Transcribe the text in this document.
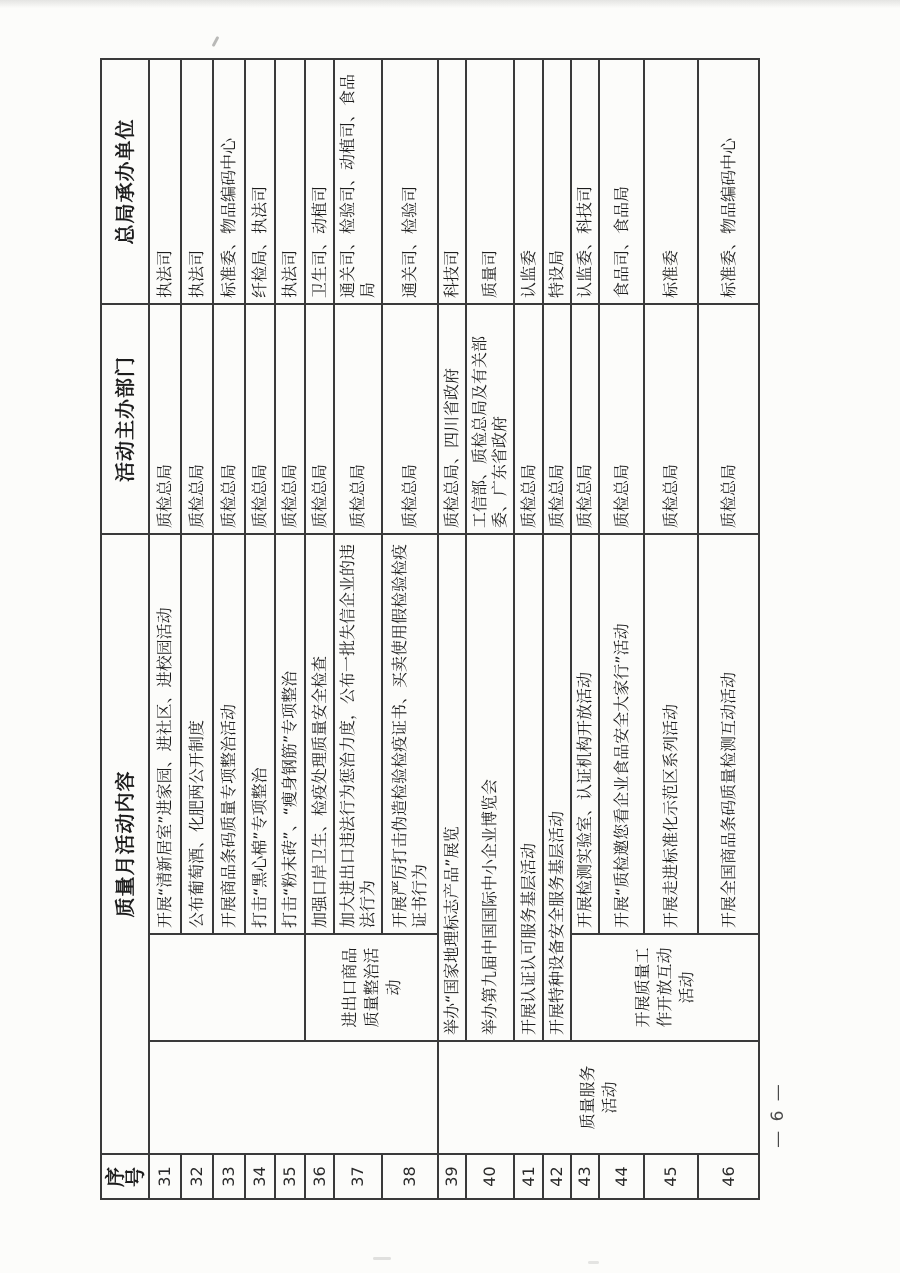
序号	质量月活动内容			活动主办部门	总局承办单位
31			开展“清新居室”进家园、进社区、进校园活动	质检总局	执法司
32			公布葡萄酒、化肥两公开制度	质检总局	执法司
33			开展商品条码质量专项整治活动	质检总局	标准委、物品编码中心
34			打击“黑心棉”专项整治	质检总局	纤检局、执法司
35			打击“粉末砖”、“瘦身钢筋”专项整治	质检总局	执法司
36		进出口商品质量整治活动	加强口岸卫生、检疫处理质量安全检查	质检总局	卫生司、动植司
37			加大进出口违法行为惩治力度，公布一批失信企业的违法行为	质检总局	通关司、检验司、动植司、食品局
38			开展严厉打击伪造检验检疫证书、买卖使用假检验检疫证书行为	质检总局	通关司、检验司
39	质量服务活动	举办“国家地理标志产品”展览		质检总局、四川省政府	科技司
40		举办第九届中国国际中小企业博览会		工信部、质检总局及有关部委、广东省政府	质量司
41		开展认证认可服务基层活动		质检总局	认监委
42		开展特种设备安全服务基层活动		质检总局	特设局
43		开展质量工作开放互动活动	开展检测实验室、认证机构开放活动	质检总局	认监委、科技司
44			开展“质检邀您看企业食品安全大家行”活动	质检总局	食品司、食品局
45			开展走进标准化示范区系列活动	质检总局	标准委
46			开展全国商品条码质量检测互动活动	质检总局	标准委、物品编码中心
— 6 —
